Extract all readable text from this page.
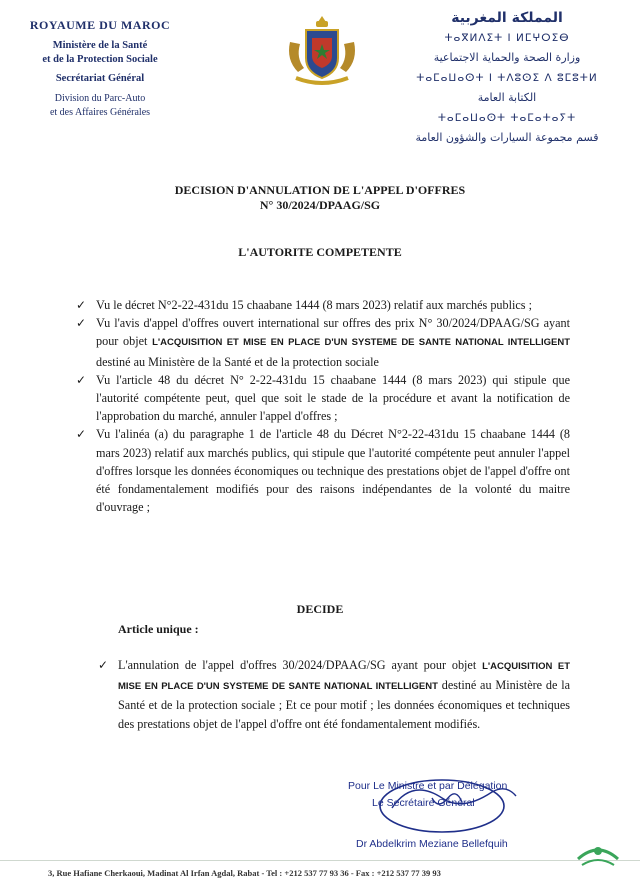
ROYAUME DU MAROC
Ministère de la Santé
et de la Protection Sociale
Secrétariat Général
Division du Parc-Auto
et des Affaires Générales
المملكة المغربية
ⵜⴰⴳⵍⴷⵉⵜ ⵏ ⵍⵎⵖⵔⵉⴱ
وزارة الصحة والحماية الاجتماعية
ⵜⴰⵎⴰⵡⴰⵙⵜ ⵏ ⵜⴷⵓⵙⵉ ⴷ ⵓⵎⵓⵜⵍ
الكتابة العامة
ⵜⴰⵎⴰⵡⴰⵙⵜ ⵜⴰⵎⴰⵜⴰⵢⵜ
قسم مجموعة السيارات والشؤون العامة
DECISION D'ANNULATION DE L'APPEL D'OFFRES
N° 30/2024/DPAAG/SG
L'AUTORITE COMPETENTE
✓ Vu le décret N°2-22-431du 15 chaabane 1444 (8 mars 2023) relatif aux marchés publics ;
✓ Vu l'avis d'appel d'offres ouvert international sur offres des prix N° 30/2024/DPAAG/SG ayant pour objet L'ACQUISITION ET MISE EN PLACE D'UN SYSTEME DE SANTE NATIONAL INTELLIGENT destiné au Ministère de la Santé et de la protection sociale
✓ Vu l'article 48 du décret N° 2-22-431du 15 chaabane 1444 (8 mars 2023) qui stipule que l'autorité compétente peut, quel que soit le stade de la procédure et avant la notification de l'approbation du marché, annuler l'appel d'offres ;
✓ Vu l'alinéa (a) du paragraphe 1 de l'article 48 du Décret N°2-22-431du 15 chaabane 1444 (8 mars 2023) relatif aux marchés publics, qui stipule que l'autorité compétente peut annuler l'appel d'offres lorsque les données économiques ou technique des prestations objet de l'appel d'offre ont été fondamentalement modifiés pour des raisons indépendantes de la volonté du maitre d'ouvrage ;
DECIDE
Article unique :
✓ L'annulation de l'appel d'offres 30/2024/DPAAG/SG ayant pour objet L'ACQUISITION ET MISE EN PLACE D'UN SYSTEME DE SANTE NATIONAL INTELLIGENT destiné au Ministère de la Santé et de la protection sociale ; Et ce pour motif ; les données économiques et techniques des prestations objet de l'appel d'offre ont été fondamentalement modifiés.
Pour Le Ministre et par Délégation
Le Secrétaire Général
Dr Abdelkrim Meziane Bellefquih
3, Rue Hafiane Cherkaoui, Madinat Al Irfan Agdal, Rabat - Tel : +212 537 77 93 36 - Fax : +212 537 77 39 93
